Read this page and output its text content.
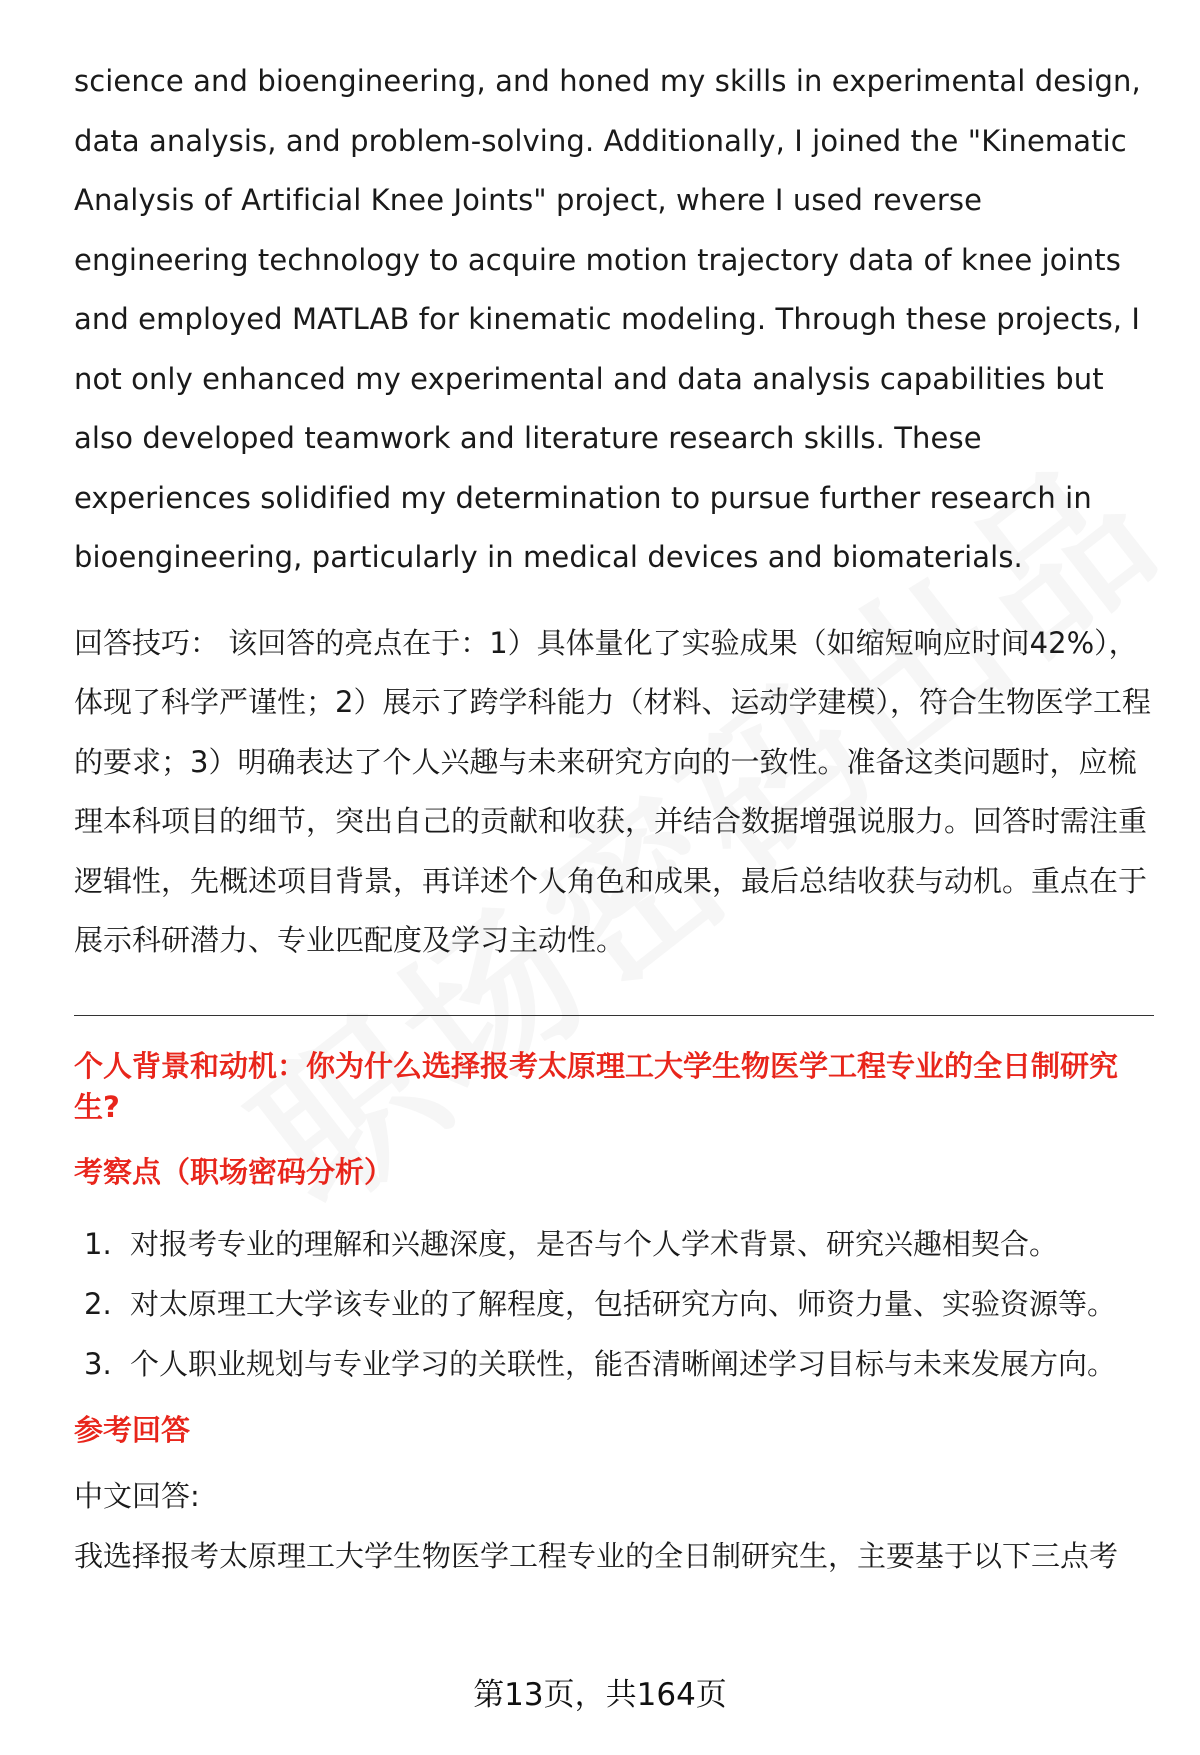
science and bioengineering, and honed my skills in experimental design, data analysis, and problem-solving. Additionally, I joined the "Kinematic Analysis of Artificial Knee Joints" project, where I used reverse engineering technology to acquire motion trajectory data of knee joints and employed MATLAB for kinematic modeling. Through these projects, I not only enhanced my experimental and data analysis capabilities but also developed teamwork and literature research skills. These experiences solidified my determination to pursue further research in bioengineering, particularly in medical devices and biomaterials.

回答技巧： 该回答的亮点在于：1）具体量化了实验成果（如缩短响应时间42%），体现了科学严谨性；2）展示了跨学科能力（材料、运动学建模），符合生物医学工程的要求；3）明确表达了个人兴趣与未来研究方向的一致性。准备这类问题时，应梳理本科项目的细节，突出自己的贡献和收获，并结合数据增强说服力。回答时需注重逻辑性，先概述项目背景，再详述个人角色和成果，最后总结收获与动机。重点在于展示科研潜力、专业匹配度及学习主动性。

个人背景和动机：你为什么选择报考太原理工大学生物医学工程专业的全日制研究生?
考察点（职场密码分析）
1. 对报考专业的理解和兴趣深度，是否与个人学术背景、研究兴趣相契合。
2. 对太原理工大学该专业的了解程度，包括研究方向、师资力量、实验资源等。
3. 个人职业规划与专业学习的关联性，能否清晰阐述学习目标与未来发展方向。
参考回答

中文回答:

我选择报考太原理工大学生物医学工程专业的全日制研究生，主要基于以下三点考

第13页，共164页
